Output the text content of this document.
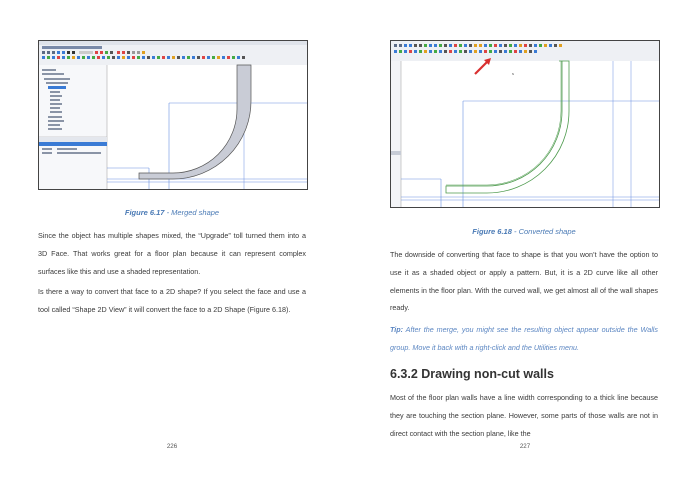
Figure 6.17 - Merged shape
Since the object has multiple shapes mixed, the “Upgrade” toll turned them into a 3D Face. That works great for a floor plan because it can represent complex surfaces like this and use a shaded representation.
Is there a way to convert that face to a 2D shape? If you select the face and use a tool called “Shape 2D View” it will convert the face to a 2D Shape (Figure 6.18).
226
s
Figure 6.18 - Converted shape
The downside of converting that face to shape is that you won’t have the option to use it as a shaded object or apply a pattern. But, it is a 2D curve like all other elements in the floor plan. With the curved wall, we get almost all of the wall shapes ready.
Tip: After the merge, you might see the resulting object appear outside the Walls group. Move it back with a right-click and the Utilities menu.
6.3.2 Drawing non-cut walls
Most of the floor plan walls have a line width corresponding to a thick line because they are touching the section plane. However, some parts of those walls are not in direct contact with the section plane, like the
227
